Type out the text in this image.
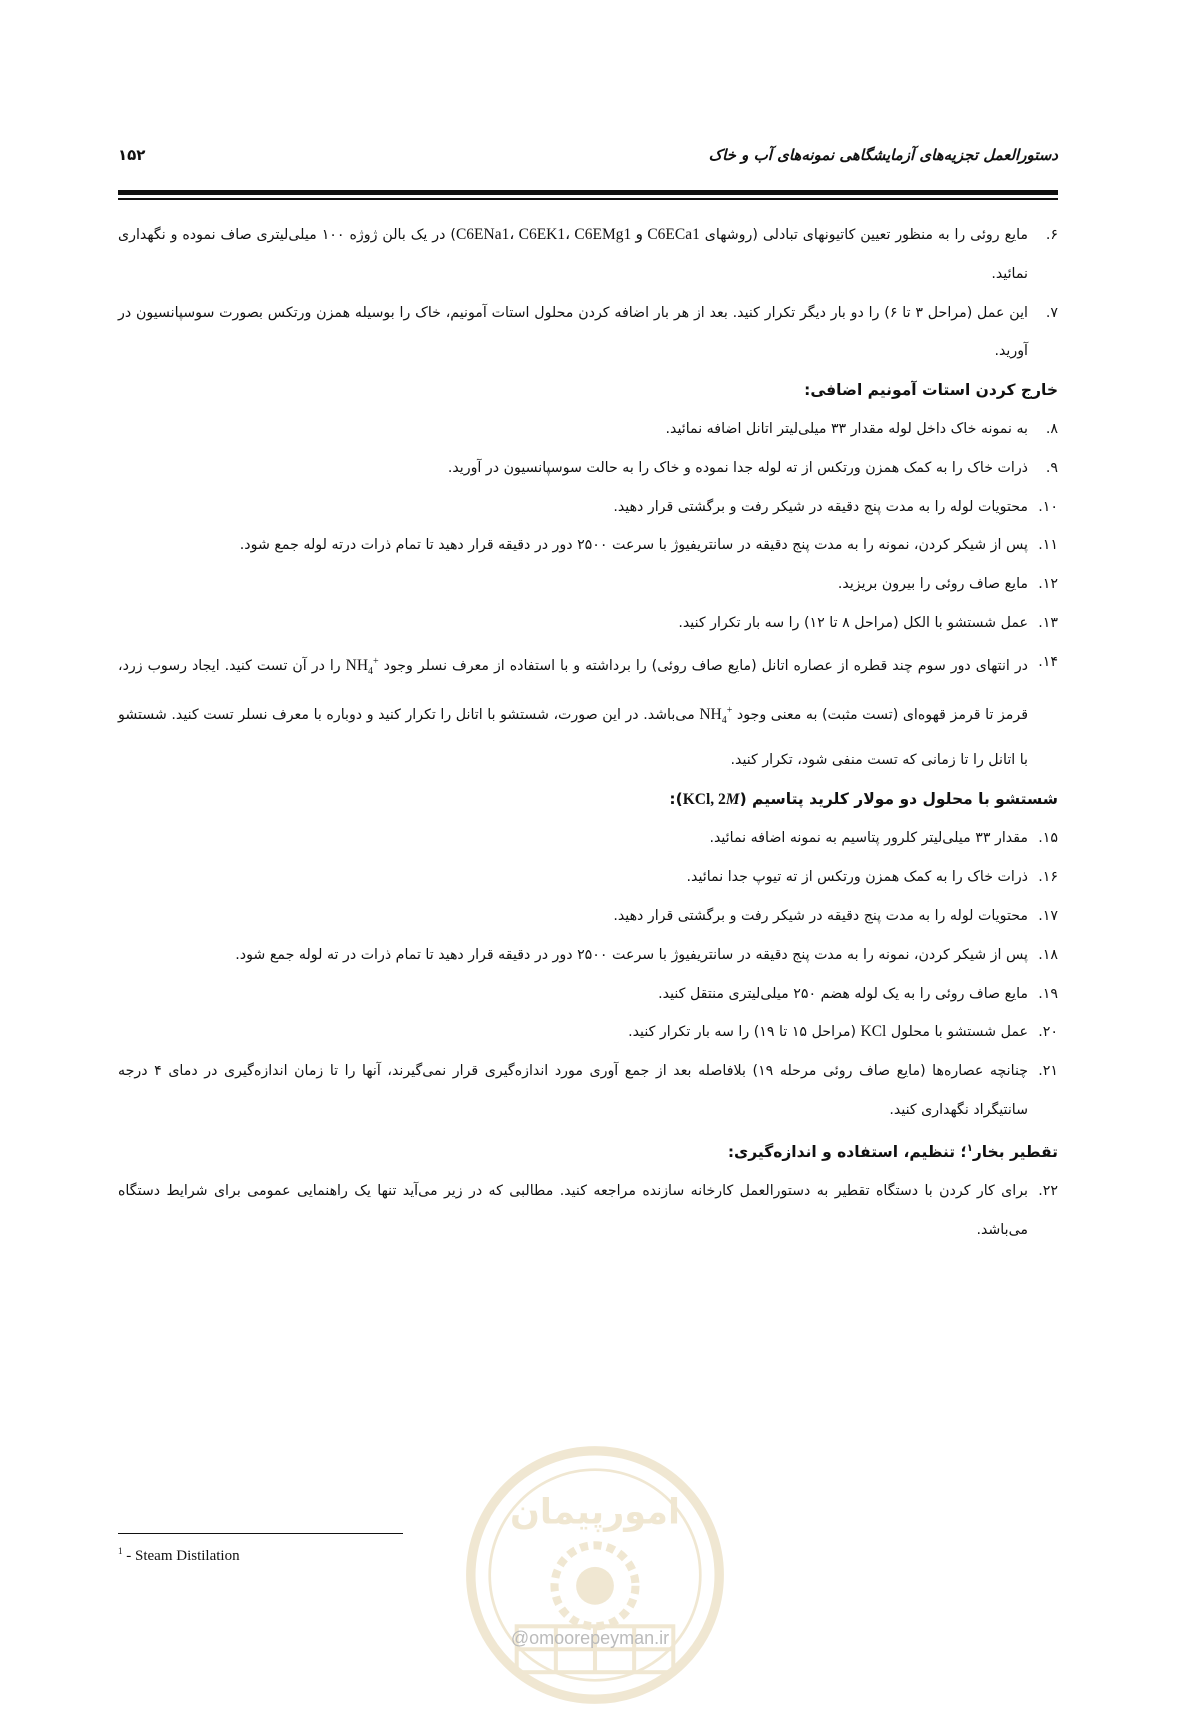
دستورالعمل تجزیه‌های آزمایشگاهی نمونه‌های آب و خاک
۱۵۲
۶.
مایع روئی را به منظور تعیین کاتیونهای تبادلی (روشهای C6ENa1، C6EK1، C6EMg1 و C6ECa1) در یک بالن ژوژه ۱۰۰ میلی‌لیتری صاف نموده و نگهداری نمائید.
۷.
این عمل (مراحل ۳ تا ۶) را دو بار دیگر تکرار کنید. بعد از هر بار اضافه کردن محلول استات آمونیم، خاک را بوسیله همزن ورتکس بصورت سوسپانسیون در آورید.
خارج کردن استات آمونیم اضافی:
۸.
به نمونه خاک داخل لوله مقدار ۳۳ میلی‌لیتر اتانل اضافه نمائید.
۹.
ذرات خاک را به کمک همزن ورتکس از ته لوله جدا نموده و خاک را به حالت سوسپانسیون در آورید.
۱۰.
محتویات لوله را به مدت پنج دقیقه در شیکر رفت و برگشتی قرار دهید.
۱۱.
پس از شیکر کردن، نمونه را به مدت پنج دقیقه در سانتریفیوژ با سرعت ۲۵۰۰ دور در دقیقه قرار دهید تا تمام ذرات درته لوله جمع شود.
۱۲.
مایع صاف روئی را بیرون بریزید.
۱۳.
عمل شستشو با الکل (مراحل ۸ تا ۱۲) را سه بار تکرار کنید.
۱۴.
در انتهای دور سوم چند قطره از عصاره اتانل (مایع صاف روئی) را برداشته و با استفاده از معرف نسلر وجود $NH_4^+$ را در آن تست کنید. ایجاد رسوب زرد، قرمز تا قرمز قهوه‌ای (تست مثبت) به معنی وجود $NH_4^+$ می‌باشد. در این صورت، شستشو با اتانل را تکرار کنید و دوباره با معرف نسلر تست کنید. شستشو با اتانل را تا زمانی که تست منفی شود، تکرار کنید.
شستشو با محلول دو مولار کلرید پتاسیم (KCl, 2M):
۱۵.
مقدار ۳۳ میلی‌لیتر کلرور پتاسیم به نمونه اضافه نمائید.
۱۶.
ذرات خاک را به کمک همزن ورتکس از ته تیوپ جدا نمائید.
۱۷.
محتویات لوله را به مدت پنج دقیقه در شیکر رفت و برگشتی قرار دهید.
۱۸.
پس از شیکر کردن، نمونه را به مدت پنج دقیقه در سانتریفیوژ با سرعت ۲۵۰۰ دور در دقیقه قرار دهید تا تمام ذرات در ته لوله جمع شود.
۱۹.
مایع صاف روئی را به یک لوله هضم ۲۵۰ میلی‌لیتری منتقل کنید.
۲۰.
عمل شستشو با محلول KCl (مراحل ۱۵ تا ۱۹) را سه بار تکرار کنید.
۲۱.
چنانچه عصاره‌ها (مایع صاف روئی مرحله ۱۹) بلافاصله بعد از جمع آوری مورد اندازه‌گیری قرار نمی‌گیرند، آنها را تا زمان اندازه‌گیری در دمای ۴ درجه سانتیگراد نگهداری کنید.
تقطیر بخار$^۱$؛ تنظیم، استفاده و اندازه‌گیری:
۲۲.
برای کار کردن با دستگاه تقطیر به دستورالعمل کارخانه سازنده مراجعه کنید. مطالبی که در زیر می‌آید تنها یک راهنمایی عمومی برای شرایط دستگاه می‌باشد.
$^1$ - Steam Distilation
امورپیمان
@omoorepeyman.ir
